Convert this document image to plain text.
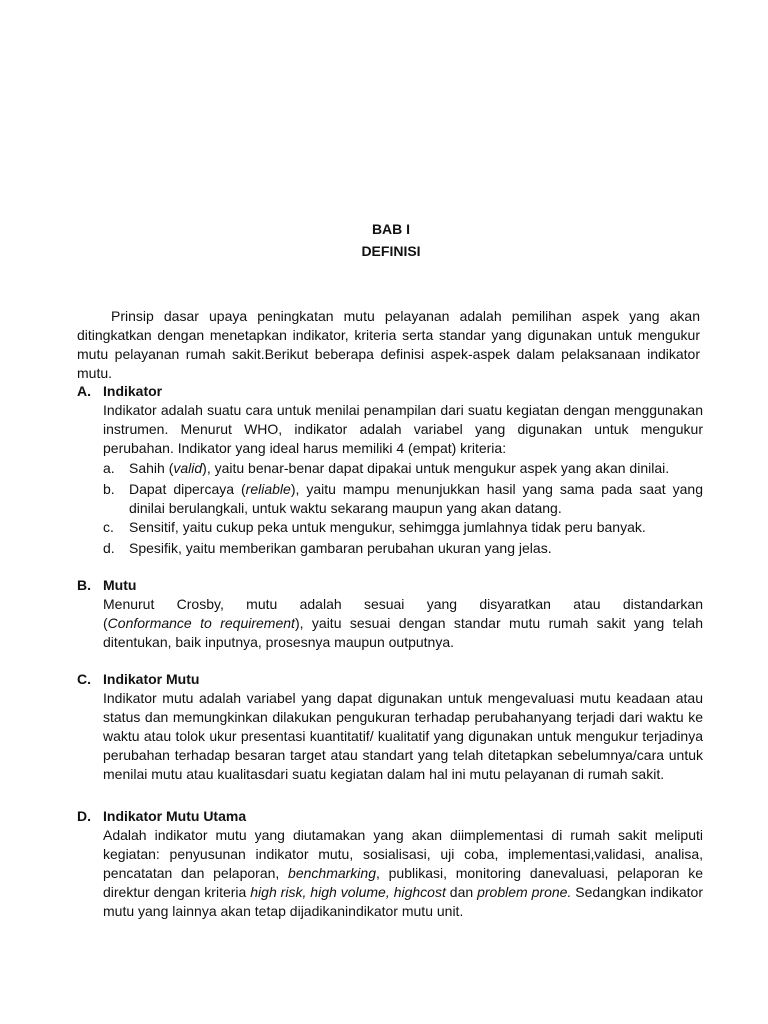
BAB I
DEFINISI

Prinsip dasar upaya peningkatan mutu pelayanan adalah pemilihan aspek yang akan ditingkatkan dengan menetapkan indikator, kriteria serta standar yang digunakan untuk mengukur mutu pelayanan rumah sakit.Berikut beberapa definisi aspek-aspek dalam pelaksanaan indikator mutu.

A. Indikator

Indikator adalah suatu cara untuk menilai penampilan dari suatu kegiatan dengan menggunakan instrumen. Menurut WHO, indikator adalah variabel yang digunakan untuk mengukur perubahan. Indikator yang ideal harus memiliki 4 (empat) kriteria:

a. Sahih (valid), yaitu benar-benar dapat dipakai untuk mengukur aspek yang akan dinilai.

b. Dapat dipercaya (reliable), yaitu mampu menunjukkan hasil yang sama pada saat yang dinilai berulangkali, untuk waktu sekarang maupun yang akan datang.

c. Sensitif, yaitu cukup peka untuk mengukur, sehimgga jumlahnya tidak peru banyak.

d. Spesifik, yaitu memberikan gambaran perubahan ukuran yang jelas.

B. Mutu

Menurut Crosby, mutu adalah sesuai yang disyaratkan atau distandarkan

(Conformance to requirement), yaitu sesuai dengan standar mutu rumah sakit yang telah ditentukan, baik inputnya, prosesnya maupun outputnya.

C. Indikator Mutu

Indikator mutu adalah variabel yang dapat digunakan untuk mengevaluasi mutu keadaan atau status dan memungkinkan dilakukan pengukuran terhadap perubahanyang terjadi dari waktu ke waktu atau tolok ukur presentasi kuantitatif/ kualitatif yang digunakan untuk mengukur terjadinya perubahan terhadap besaran target atau standart yang telah ditetapkan sebelumnya/cara untuk menilai mutu atau kualitasdari suatu kegiatan dalam hal ini mutu pelayanan di rumah sakit.

D. Indikator Mutu Utama

Adalah indikator mutu yang diutamakan yang akan diimplementasi di rumah sakit meliputi kegiatan: penyusunan indikator mutu, sosialisasi, uji coba, implementasi,validasi, analisa, pencatatan dan pelaporan, benchmarking, publikasi, monitoring danevaluasi, pelaporan ke direktur dengan kriteria high risk, high volume, highcost dan problem prone. Sedangkan indikator mutu yang lainnya akan tetap dijadikanindikator mutu unit.
